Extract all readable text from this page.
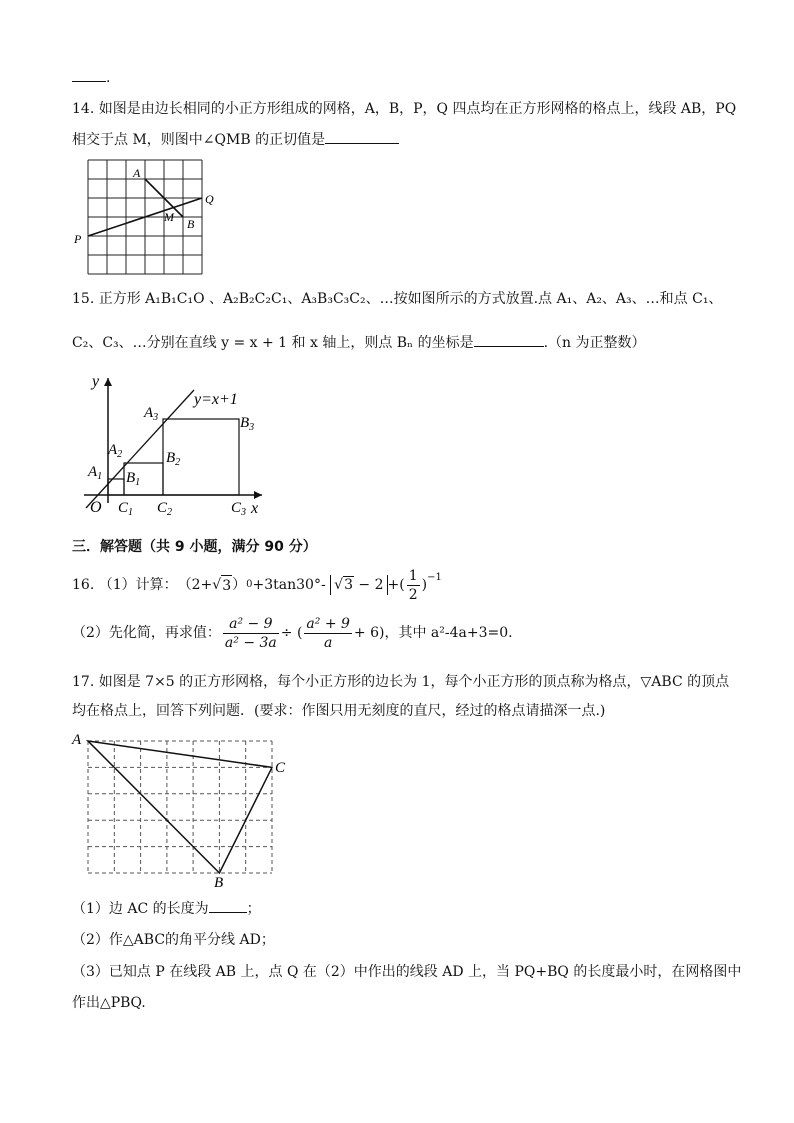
.
14. 如图是由边长相同的小正方形组成的网格，A，B，P，Q 四点均在正方形网格的格点上，线段 AB，PQ
相交于点 M，则图中∠QMB 的正切值是
A
Q
M B
P
15. 正方形 A₁B₁C₁O 、A₂B₂C₂C₁、A₃B₃C₃C₂、…按如图所示的方式放置.点 A₁、A₂、A₃、…和点 C₁、
C₂、C₃、…分别在直线 y = x + 1 和 x 轴上，则点 Bₙ 的坐标是	.（n 为正整数）
y
x
O
y=x+1
$A_1$
$A_2$
$A_3$
$B_1$
$B_2$
$B_3$
$C_1$ $C_2$	$C_3$
三．解答题（共 9 小题，满分 90 分）
16.
（1）计算： （2+ √ 3 ） 0 +3tan30° -
√3 − 2 +( $\frac{1}{2} )^{-1}$
（2）先化简，再求值： $\frac{\text{a² − 9}}{\text{a² − 3a}}$ ÷ ( $\frac{\text{a² + 9}}{a} + 6$)，其中 a²-4a+3=0.
17. 如图是 7×5 的正方形网格，每个小正方形的边长为 1，每个小正方形的顶点称为格点，▽ABC 的顶点
均在格点上，回答下列问题．(要求：作图只用无刻度的直尺，经过的格点请描深一点.)
A
C
B
（1）边 AC 的长度为	；
（2）作△ABC的角平分线 AD；
（3）已知点 P 在线段 AB 上，点 Q 在（2）中作出的线段 AD 上，当 PQ+BQ 的长度最小时，在网格图中
作出△PBQ.
